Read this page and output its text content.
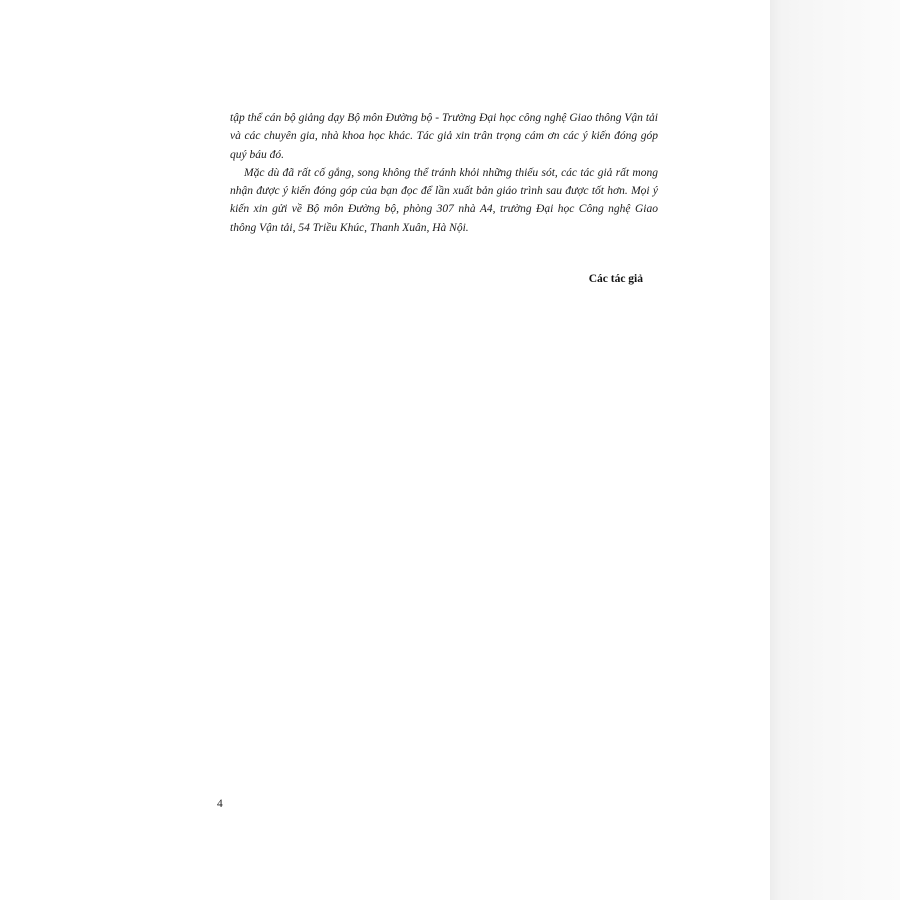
tập thể cán bộ giảng dạy Bộ môn Đường bộ - Trường Đại học công nghệ Giao thông Vận tải và các chuyên gia, nhà khoa học khác. Tác giả xin trân trọng cám ơn các ý kiến đóng góp quý báu đó.

Mặc dù đã rất cố gắng, song không thể tránh khỏi những thiếu sót, các tác giả rất mong nhận được ý kiến đóng góp của bạn đọc để lần xuất bản giáo trình sau được tốt hơn. Mọi ý kiến xin gửi về Bộ môn Đường bộ, phòng 307 nhà A4, trường Đại học Công nghệ Giao thông Vận tải, 54 Triều Khúc, Thanh Xuân, Hà Nội.

Các tác giả
4
